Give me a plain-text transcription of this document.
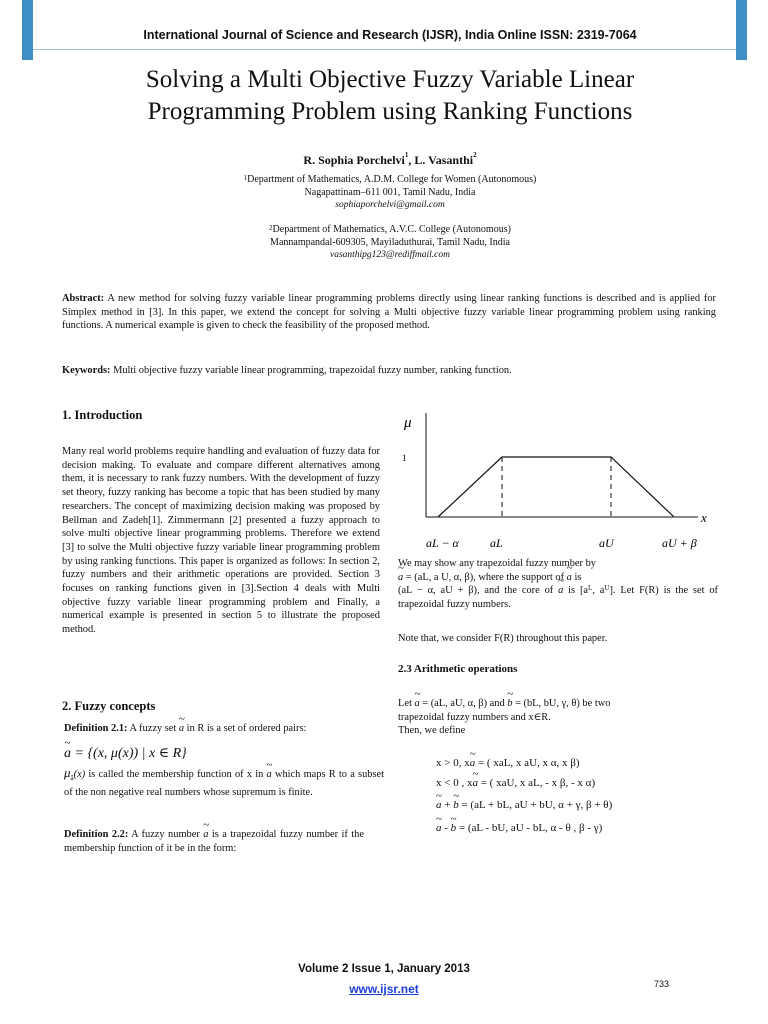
International Journal of Science and Research (IJSR), India Online ISSN: 2319-7064
Solving a Multi Objective Fuzzy Variable Linear
Programming Problem using Ranking Functions
R. Sophia Porchelvi$^1$, L. Vasanthi$^2$
$^1$Department of Mathematics, A.D.M. College for Women (Autonomous)
Nagapattinam–611 001, Tamil Nadu, India
sophiaporchelvi@gmail.com
$^2$Department of Mathematics, A.V.C. College (Autonomous)
Mannampandal-609305, Mayiladuthurai, Tamil Nadu, India
vasanthipg123@rediffmail.com
Abstract: A new method for solving fuzzy variable linear programming problems directly using linear ranking functions is described and is applied for Simplex method in [3]. In this paper, we extend the concept for solving a Multi objective fuzzy variable linear programming problem using ranking functions. A numerical example is given to check the feasibility of the proposed method.
Keywords: Multi objective fuzzy variable linear programming, trapezoidal fuzzy number, ranking function.
1. Introduction
Many real world problems require handling and evaluation of fuzzy data for decision making. To evaluate and compare different alternatives among them, it is necessary to rank fuzzy numbers. With the development of fuzzy set theory, fuzzy ranking has become a topic that has been studied by many researchers. The concept of maximizing decision making was proposed by Bellman and Zadeh[1]. Zimmermann [2] presented a fuzzy approach to solve multi objective linear programming problems. Therefore we extend [3] to solve the Multi objective fuzzy variable linear programming problem by using ranking functions. This paper is organized as follows: In section 2, fuzzy numbers and their arithmetic operations are provided. Section 3 focuses on ranking functions given in [3].Section 4 deals with Multi objective fuzzy variable linear programming problem and Finally, a numerical example is presented in section 5 to illustrate the proposed method.
2. Fuzzy concepts
Definition 2.1: A fuzzy set ~ a in R is a set of ordered pairs:
~ a = {(x, μ(x)) | x ∈ R}
$\mu_ã(x)$ is called the membership function of x in ~ a which maps R to a subset of the non negative real numbers whose supremum is finite.
Definition 2.2: A fuzzy number ~ a is a trapezoidal fuzzy number if the membership function of it be in the form:
μ
x
1
aL − α	aL	aU	aU + β
We may show any trapezoidal fuzzy number by
~ a = (aL, a U, α, β), where the support of ~ a is
(aL − α, aU + β), and the core of ~ a is [$a^L$, $a^U$]. Let F(R) is the set of trapezoidal fuzzy numbers.
Note that, we consider F(R) throughout this paper.
2.3 Arithmetic operations
Let ~ a = (aL, aU, α, β) and ~ b = (bL, bU, γ, θ) be two
trapezoidal fuzzy numbers and x∈R.
Then, we define
x > 0, x~ a = ( xaL, x aU, x α, x β)
x < 0 , x~ a = ( xaU, x aL, - x β, - x α)
~ a + ~ b = (aL + bL, aU + bU, α + γ, β + θ)
~ a - ~ b = (aL - bU, aU - bL, α - θ , β - γ)
Volume 2 Issue 1, January 2013
www.ijsr.net	733
